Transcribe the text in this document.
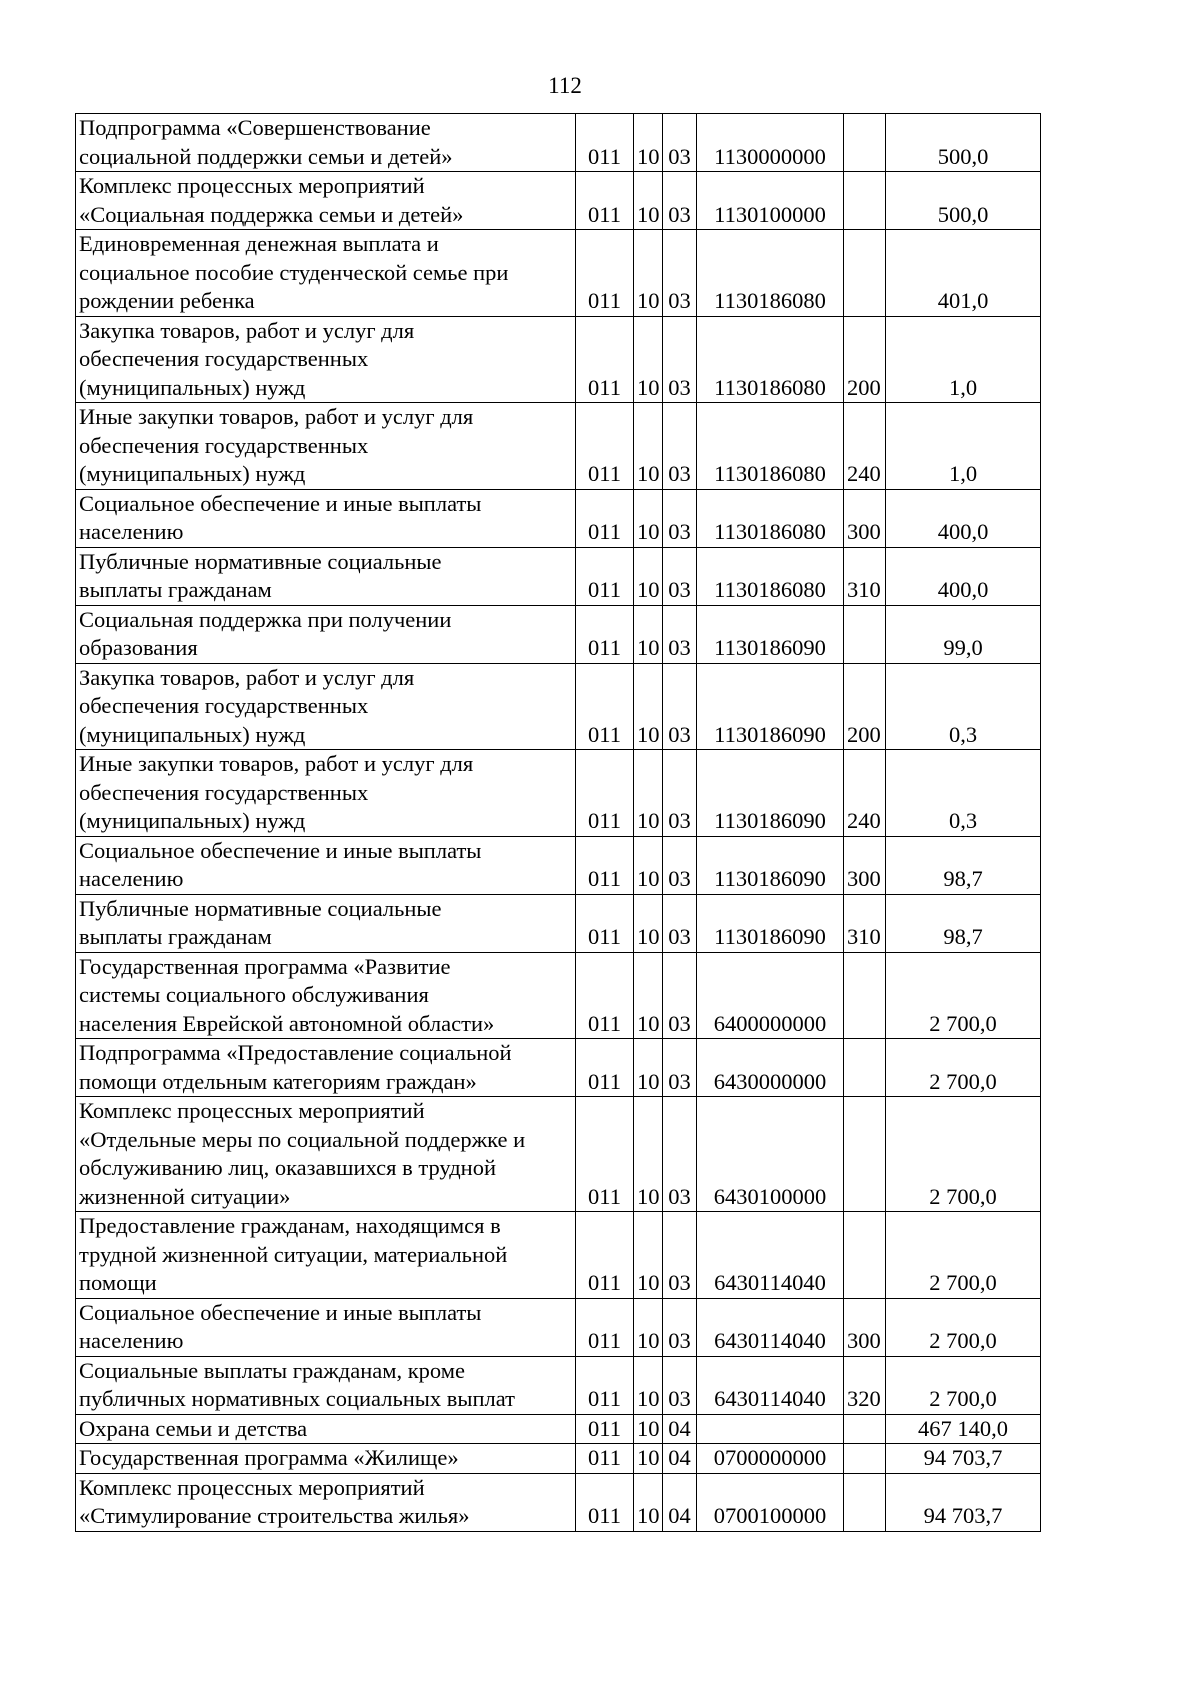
112
Подпрограмма «Совершенствование
социальной поддержки семьи и детей»	011	10	03	1130000000		500,0
Комплекс процессных мероприятий
«Социальная поддержка семьи и детей»	011	10	03	1130100000		500,0
Единовременная денежная выплата и
социальное пособие студенческой семье при
рождении ребенка	011	10	03	1130186080		401,0
Закупка товаров, работ и услуг для
обеспечения государственных
(муниципальных) нужд	011	10	03	1130186080	200	1,0
Иные закупки товаров, работ и услуг для
обеспечения государственных
(муниципальных) нужд	011	10	03	1130186080	240	1,0
Социальное обеспечение и иные выплаты
населению	011	10	03	1130186080	300	400,0
Публичные нормативные социальные
выплаты гражданам	011	10	03	1130186080	310	400,0
Социальная поддержка при получении
образования	011	10	03	1130186090		99,0
Закупка товаров, работ и услуг для
обеспечения государственных
(муниципальных) нужд	011	10	03	1130186090	200	0,3
Иные закупки товаров, работ и услуг для
обеспечения государственных
(муниципальных) нужд	011	10	03	1130186090	240	0,3
Социальное обеспечение и иные выплаты
населению	011	10	03	1130186090	300	98,7
Публичные нормативные социальные
выплаты гражданам	011	10	03	1130186090	310	98,7
Государственная программа «Развитие
системы социального обслуживания
населения Еврейской автономной области»	011	10	03	6400000000		2 700,0
Подпрограмма «Предоставление социальной
помощи отдельным категориям граждан»	011	10	03	6430000000		2 700,0
Комплекс процессных мероприятий
«Отдельные меры по социальной поддержке и
обслуживанию лиц, оказавшихся в трудной
жизненной ситуации»	011	10	03	6430100000		2 700,0
Предоставление гражданам, находящимся в
трудной жизненной ситуации, материальной
помощи	011	10	03	6430114040		2 700,0
Социальное обеспечение и иные выплаты
населению	011	10	03	6430114040	300	2 700,0
Социальные выплаты гражданам, кроме
публичных нормативных социальных выплат	011	10	03	6430114040	320	2 700,0
Охрана семьи и детства	011	10	04			467 140,0
Государственная программа «Жилище»	011	10	04	0700000000		94 703,7
Комплекс процессных мероприятий
«Стимулирование строительства жилья»	011	10	04	0700100000		94 703,7
